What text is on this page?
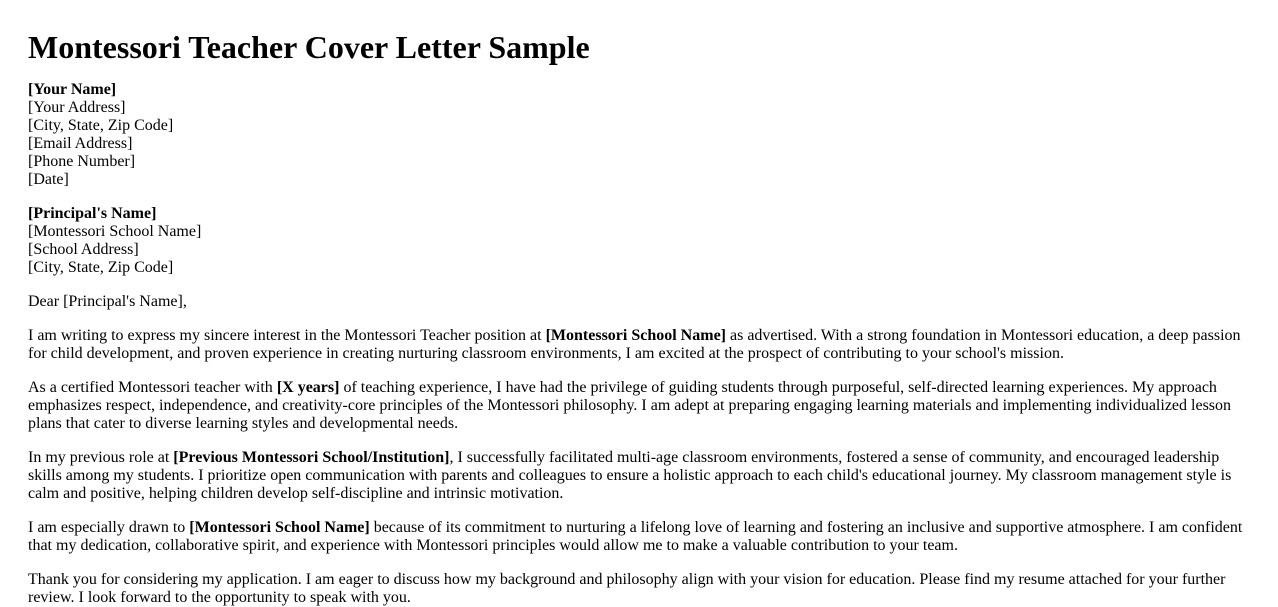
Montessori Teacher Cover Letter Sample
[Your Name]
[Your Address]
[City, State, Zip Code]
[Email Address]
[Phone Number]
[Date]
[Principal's Name]
[Montessori School Name]
[School Address]
[City, State, Zip Code]

Dear [Principal's Name],

I am writing to express my sincere interest in the Montessori Teacher position at [Montessori School Name] as advertised. With a strong foundation in Montessori education, a deep passion for child development, and proven experience in creating nurturing classroom environments, I am excited at the prospect of contributing to your school's mission.

As a certified Montessori teacher with [X years] of teaching experience, I have had the privilege of guiding students through purposeful, self-directed learning experiences. My approach emphasizes respect, independence, and creativity-core principles of the Montessori philosophy. I am adept at preparing engaging learning materials and implementing individualized lesson plans that cater to diverse learning styles and developmental needs.

In my previous role at [Previous Montessori School/Institution], I successfully facilitated multi-age classroom environments, fostered a sense of community, and encouraged leadership skills among my students. I prioritize open communication with parents and colleagues to ensure a holistic approach to each child's educational journey. My classroom management style is calm and positive, helping children develop self-discipline and intrinsic motivation.

I am especially drawn to [Montessori School Name] because of its commitment to nurturing a lifelong love of learning and fostering an inclusive and supportive atmosphere. I am confident that my dedication, collaborative spirit, and experience with Montessori principles would allow me to make a valuable contribution to your team.

Thank you for considering my application. I am eager to discuss how my background and philosophy align with your vision for education. Please find my resume attached for your further review. I look forward to the opportunity to speak with you.
